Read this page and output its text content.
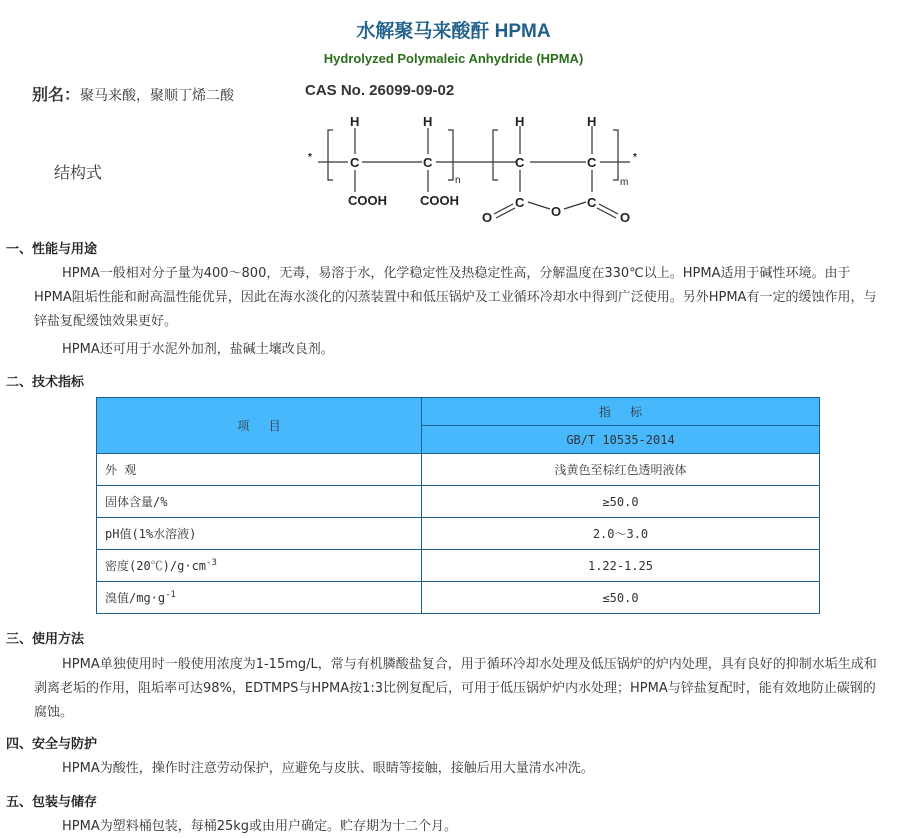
水解聚马来酸酐 HPMA
Hydrolyzed Polymaleic Anhydride (HPMA)
别名：聚马来酸，聚顺丁烯二酸	CAS No. 26099-09-02
结构式
*	*
H
C
H
C
COOH	COOH
H
C
H
C
C	C
O
O	O
n	m
一、性能与用途
HPMA一般相对分子量为400～800，无毒，易溶于水，化学稳定性及热稳定性高，分解温度在330℃以上。HPMA适用于碱性环境。由于HPMA阻垢性能和耐高温性能优异，因此在海水淡化的闪蒸装置中和低压锅炉及工业循环冷却水中得到广泛使用。另外HPMA有一定的缓蚀作用，与锌盐复配缓蚀效果更好。
HPMA还可用于水泥外加剂，盐碱土壤改良剂。
二、技术指标
项　 目	指　 标
	GB/T 10535-2014
外 观	浅黄色至棕红色透明液体
固体含量/%	≥50.0
pH值(1%水溶液)	2.0～3.0
密度$(20℃)/g\cdot cm^{-3}$	1.22-1.25
溴值$/mg\cdot g^{-1}$	≤50.0
三、使用方法
HPMA单独使用时一般使用浓度为1-15mg/L，常与有机膦酸盐复合，用于循环冷却水处理及低压锅炉的炉内处理，具有良好的抑制水垢生成和剥离老垢的作用，阻垢率可达98%，EDTMPS与HPMA按1:3比例复配后，可用于低压锅炉炉内水处理；HPMA与锌盐复配时，能有效地防止碳钢的腐蚀。
四、安全与防护
HPMA为酸性，操作时注意劳动保护，应避免与皮肤、眼睛等接触，接触后用大量清水冲洗。
五、包装与储存
HPMA为塑料桶包装，每桶25kg或由用户确定。贮存期为十二个月。
